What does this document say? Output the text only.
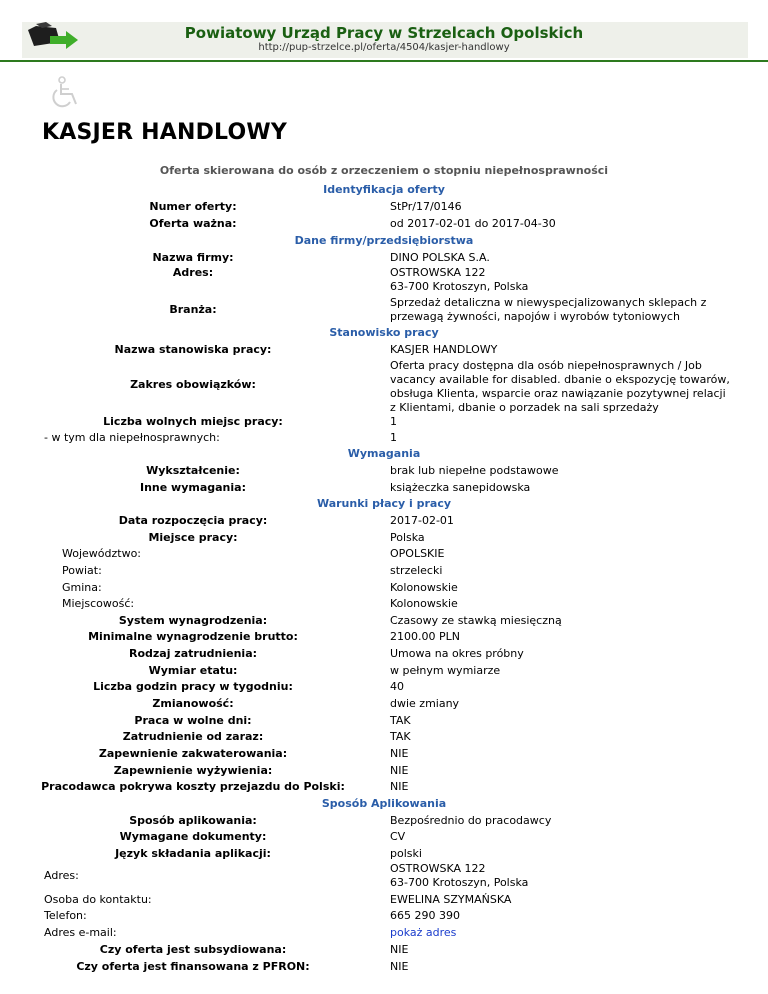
Powiatowy Urząd Pracy w Strzelcach Opolskich
http://pup-strzelce.pl/oferta/4504/kasjer-handlowy
KASJER HANDLOWY
Oferta skierowana do osób z orzeczeniem o stopniu niepełnosprawności
Identyfikacja oferty
Numer oferty:	StPr/17/0146
Oferta ważna:	od 2017-02-01 do 2017-04-30
Dane firmy/przedsiębiorstwa
Nazwa firmy:	DINO POLSKA S.A.
Adres:	OSTROWSKA 122
63-700 Krotoszyn, Polska
Branża:
Sprzedaż detaliczna w niewyspecjalizowanych sklepach z przewagą żywności, napojów i wyrobów tytoniowych
Stanowisko pracy
Nazwa stanowiska pracy:	KASJER HANDLOWY
Zakres obowiązków:
Oferta pracy dostępna dla osób niepełnosprawnych / Job vacancy available for disabled. dbanie o ekspozycję towarów, obsługa Klienta, wsparcie oraz nawiązanie pozytywnej relacji z Klientami, dbanie o porzadek na sali sprzedaży
Liczba wolnych miejsc pracy:	1
- w tym dla niepełnosprawnych:	1
Wymagania
Wykształcenie:	brak lub niepełne podstawowe
Inne wymagania:	książeczka sanepidowska
Warunki płacy i pracy
Data rozpoczęcia pracy:	2017-02-01
Miejsce pracy:	Polska
Województwo:	OPOLSKIE
Powiat:	strzelecki
Gmina:	Kolonowskie
Miejscowość:	Kolonowskie
System wynagrodzenia:	Czasowy ze stawką miesięczną
Minimalne wynagrodzenie brutto:	2100.00 PLN
Rodzaj zatrudnienia:	Umowa na okres próbny
Wymiar etatu:	w pełnym wymiarze
Liczba godzin pracy w tygodniu:	40
Zmianowość:	dwie zmiany
Praca w wolne dni:	TAK
Zatrudnienie od zaraz:	TAK
Zapewnienie zakwaterowania:	NIE
Zapewnienie wyżywienia:	NIE
Pracodawca pokrywa koszty przejazdu do Polski:	NIE
Sposób Aplikowania
Sposób aplikowania:	Bezpośrednio do pracodawcy
Wymagane dokumenty:	CV
Język składania aplikacji:	polski
Adres:
OSTROWSKA 122
63-700 Krotoszyn, Polska
Osoba do kontaktu:	EWELINA SZYMAŃSKA
Telefon:	665 290 390
Adres e-mail:	pokaż adres
Czy oferta jest subsydiowana:	NIE
Czy oferta jest finansowana z PFRON:	NIE
